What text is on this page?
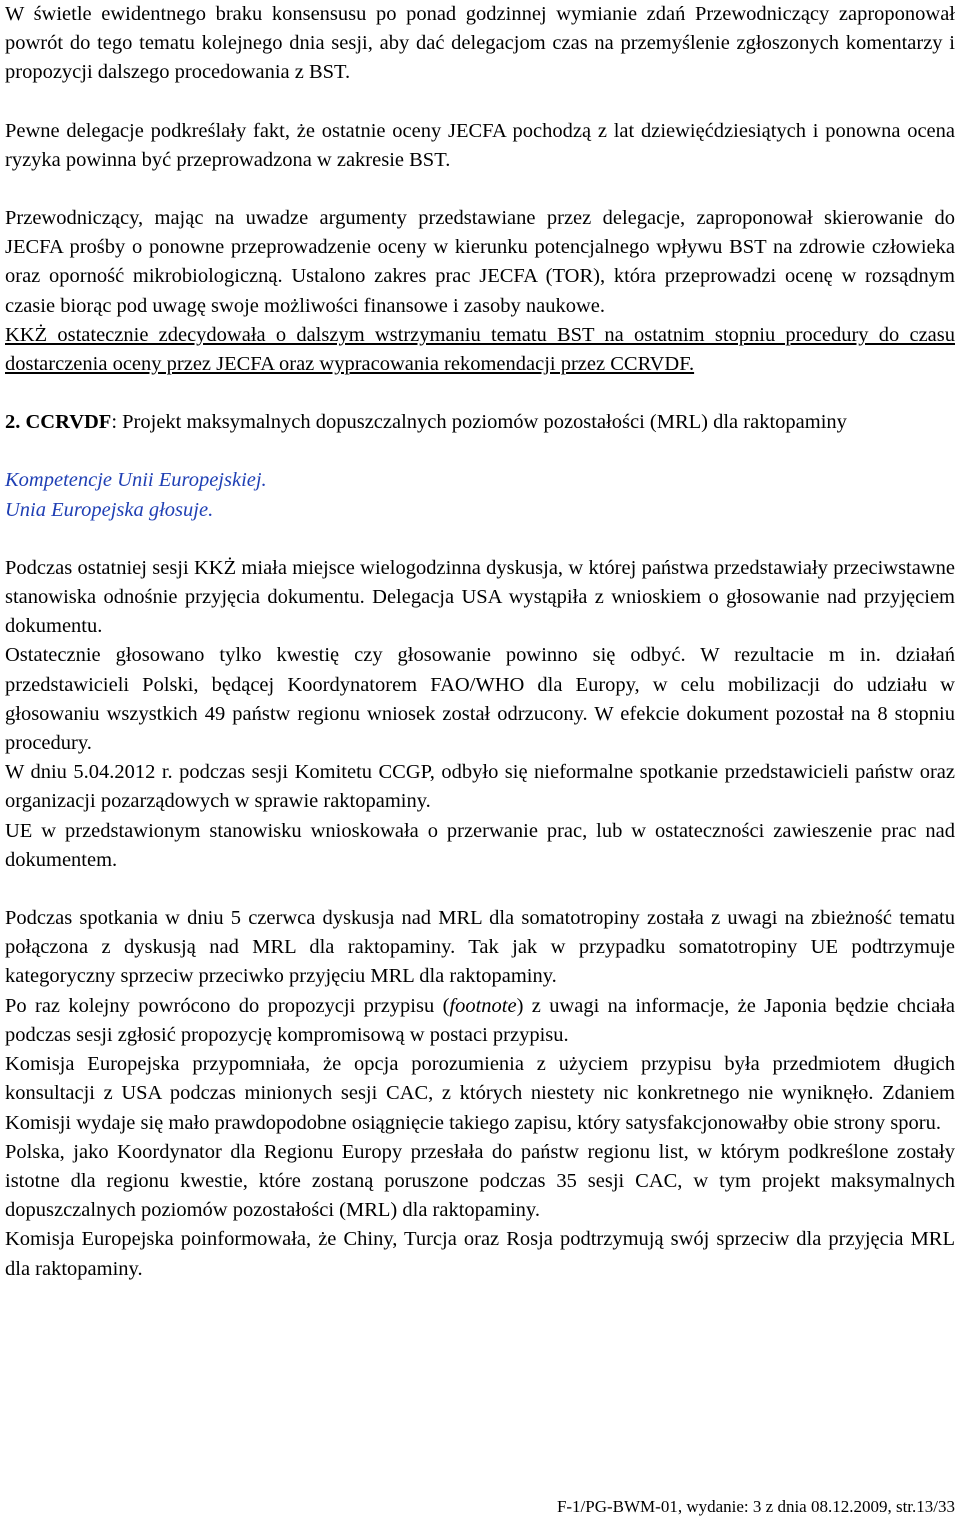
W świetle ewidentnego braku konsensusu po ponad godzinnej wymianie zdań Przewodniczący zaproponował powrót do tego tematu kolejnego dnia sesji, aby dać delegacjom czas na przemyślenie zgłoszonych komentarzy i propozycji dalszego procedowania z BST.

Pewne delegacje podkreślały fakt, że ostatnie oceny JECFA pochodzą z lat dziewięćdziesiątych i ponowna ocena ryzyka powinna być przeprowadzona w zakresie BST.

Przewodniczący, mając na uwadze argumenty przedstawiane przez delegacje, zaproponował skierowanie do JECFA prośby o ponowne przeprowadzenie oceny w kierunku potencjalnego wpływu BST na zdrowie człowieka oraz oporność mikrobiologiczną. Ustalono zakres prac JECFA (TOR), która przeprowadzi ocenę w rozsądnym czasie biorąc pod uwagę swoje możliwości finansowe i zasoby naukowe.

KKŻ ostatecznie zdecydowała o dalszym wstrzymaniu tematu BST na ostatnim stopniu procedury do czasu dostarczenia oceny przez JECFA oraz wypracowania rekomendacji przez CCRVDF.

2. CCRVDF: Projekt maksymalnych dopuszczalnych poziomów pozostałości (MRL) dla raktopaminy

Kompetencje Unii Europejskiej.

Unia Europejska głosuje.

Podczas ostatniej sesji KKŻ miała miejsce wielogodzinna dyskusja, w której państwa przedstawiały przeciwstawne stanowiska odnośnie przyjęcia dokumentu. Delegacja USA wystąpiła z wnioskiem o głosowanie nad przyjęciem dokumentu.

Ostatecznie głosowano tylko kwestię czy głosowanie powinno się odbyć. W rezultacie m in. działań przedstawicieli Polski, będącej Koordynatorem FAO/WHO dla Europy, w celu mobilizacji do udziału w głosowaniu wszystkich 49 państw regionu wniosek został odrzucony. W efekcie dokument pozostał na 8 stopniu procedury.

W dniu 5.04.2012 r. podczas sesji Komitetu CCGP, odbyło się nieformalne spotkanie przedstawicieli państw oraz organizacji pozarządowych w sprawie raktopaminy.

UE w przedstawionym stanowisku wnioskowała o przerwanie prac, lub w ostateczności zawieszenie prac nad dokumentem.

Podczas spotkania w dniu 5 czerwca dyskusja nad MRL dla somatotropiny została z uwagi na zbieżność tematu połączona z dyskusją nad MRL dla raktopaminy. Tak jak w przypadku somatotropiny UE podtrzymuje kategoryczny sprzeciw przeciwko przyjęciu MRL dla raktopaminy.

Po raz kolejny powrócono do propozycji przypisu (footnote) z uwagi na informacje, że Japonia będzie chciała podczas sesji zgłosić propozycję kompromisową w postaci przypisu.

Komisja Europejska przypomniała, że opcja porozumienia z użyciem przypisu była przedmiotem długich konsultacji z USA podczas minionych sesji CAC, z których niestety nic konkretnego nie wyniknęło. Zdaniem Komisji wydaje się mało prawdopodobne osiągnięcie takiego zapisu, który satysfakcjonowałby obie strony sporu.

Polska, jako Koordynator dla Regionu Europy przesłała do państw regionu list, w którym podkreślone zostały istotne dla regionu kwestie, które zostaną poruszone podczas 35 sesji CAC, w tym projekt maksymalnych dopuszczalnych poziomów pozostałości (MRL) dla raktopaminy.

Komisja Europejska poinformowała, że Chiny, Turcja oraz Rosja podtrzymują swój sprzeciw dla przyjęcia MRL dla raktopaminy.

F-1/PG-BWM-01, wydanie: 3 z dnia 08.12.2009, str.13/33
